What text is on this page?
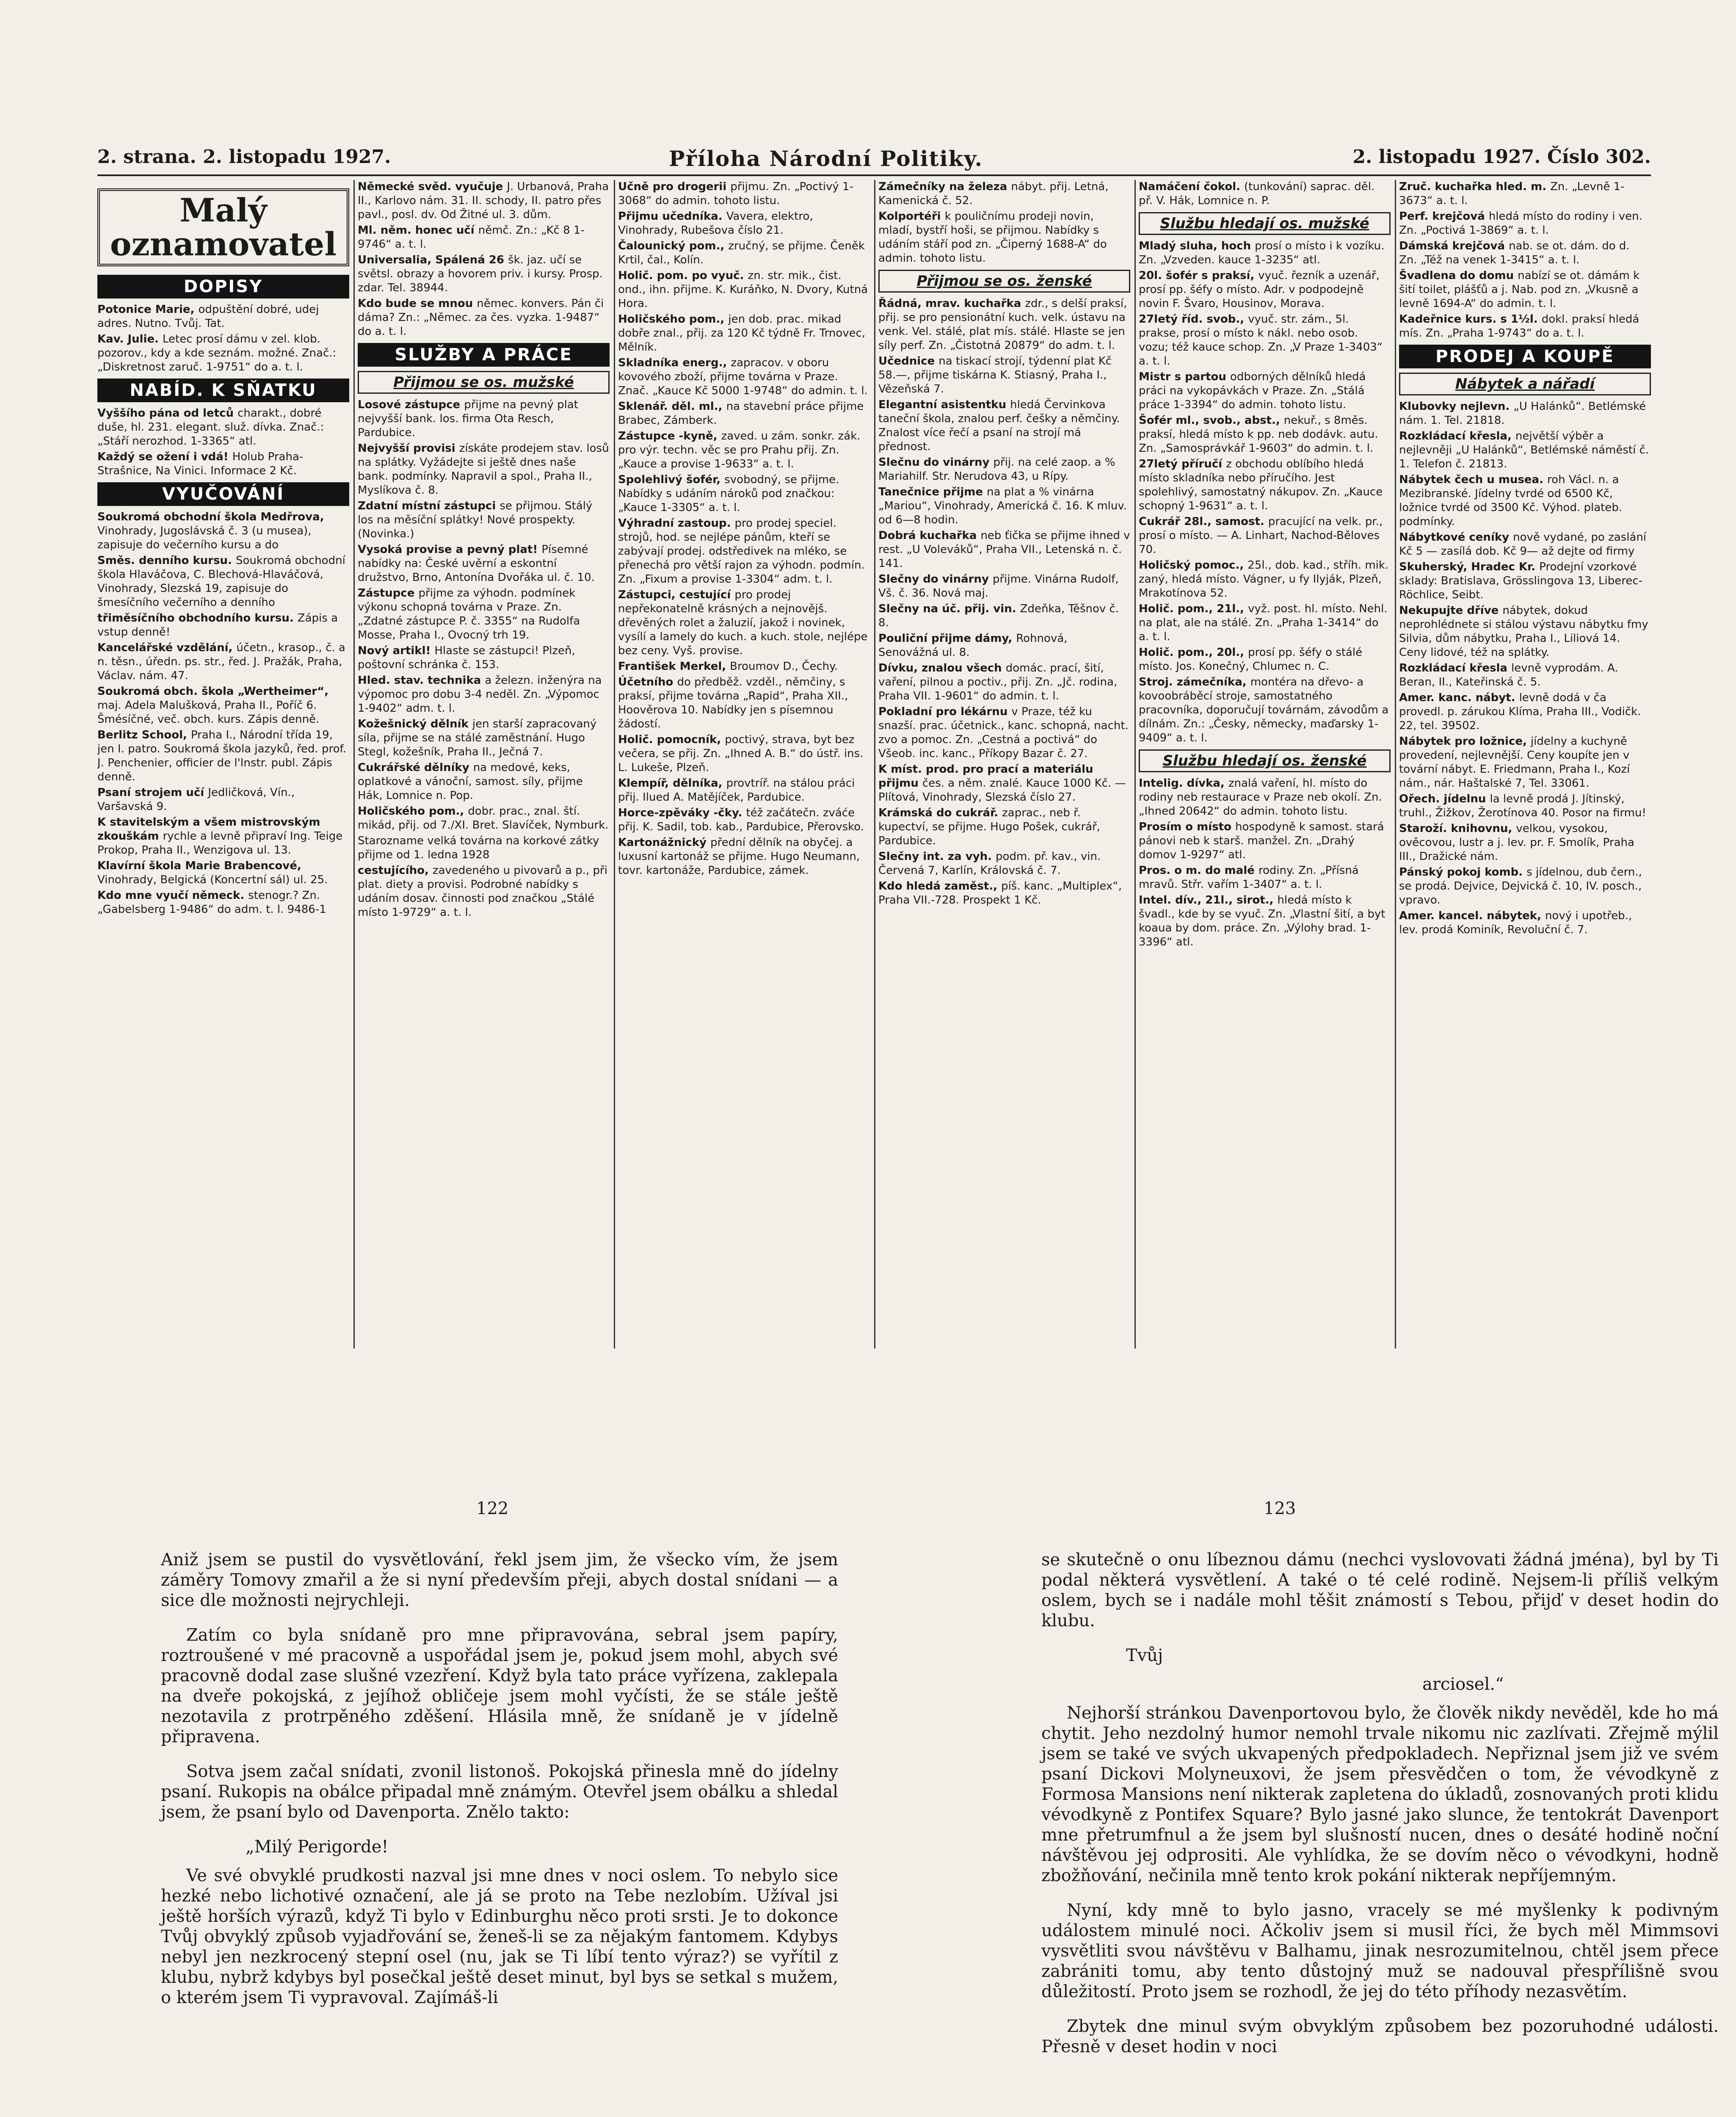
2. strana. 2. listopadu 1927.	Příloha Národní Politiky.	2. listopadu 1927. Číslo 302.
Malý oznamovatel
DOPISY
Potonice Marie, odpuštění dobré, udej adres. Nutno. Tvůj. Tat.
Kav. Julie. Letec prosí dámu v zel. klob. pozorov., kdy a kde seznám. možné. Znač.: „Diskretnost zaruč. 1-9751“ do a. t. l.
NABÍD. K SŇATKU
Vyššího pána od letců charakt., dobré duše, hl. 231. elegant. služ. dívka. Znač.: „Stáří nerozhod. 1-3365“ atl.
Každý se ožení i vdá! Holub Praha-Strašnice, Na Vinici. Informace 2 Kč.
VYUČOVÁNÍ
Soukromá obchodní škola Medřrova, Vinohrady, Jugoslávská č. 3 (u musea), zapisuje do večerního kursu a do
Směs. denního kursu. Soukromá obchodní škola Hlaváčova, C. Blechová-Hlaváčová, Vinohrady, Slezská 19, zapisuje do šmesíčního večerního a denního
třiměsíčního obchodního kursu. Zápis a vstup denně!
Kancelářské vzdělání, účetn., krasop., č. a n. těsn., úředn. ps. str., řed. J. Pražák, Praha, Václav. nám. 47.
Soukromá obch. škola „Wertheimer“, maj. Adela Malušková, Praha II., Poříč 6. Šmésíčné, več. obch. kurs. Zápis denně.
Berlitz School, Praha I., Národní třída 19, jen I. patro. Soukromá škola jazyků, řed. prof. J. Penchenier, officier de l'Instr. publ. Zápis denně.
Psaní strojem učí Jedličková, Vín., Varšavská 9.
K stavitelským a všem mistrovským zkouškám rychle a levně připraví Ing. Teige Prokop, Praha II., Wenzigova ul. 13.
Klavírní škola Marie Brabencové, Vinohrady, Belgická (Koncertní sál) ul. 25.
Kdo mne vyučí německ. stenogr.? Zn. „Gabelsberg 1-9486“ do adm. t. l. 9486-1
Německé svěd. vyučuje J. Urbanová, Praha II., Karlovo nám. 31. II. schody, II. patro přes pavl., posl. dv. Od Žitné ul. 3. dům.
Ml. něm. honec učí němč. Zn.: „Kč 8 1-9746“ a. t. l.
Universalia, Spálená 26 šk. jaz. učí se světsl. obrazy a hovorem priv. i kursy. Prosp. zdar. Tel. 38944.
Kdo bude se mnou němec. konvers. Pán či dáma? Zn.: „Němec. za čes. vyzka. 1-9487“ do a. t. l.
SLUŽBY A PRÁCE
Přijmou se os. mužské
Losové zástupce přijme na pevný plat nejvyšší bank. los. firma Ota Resch, Pardubice.
Nejvyšší provisi získáte prodejem stav. losů na splátky. Vyžádejte si ještě dnes naše bank. podmínky. Napravil a spol., Praha II., Myslíkova č. 8.
Zdatní místní zástupci se přijmou. Stálý los na měsíční splátky! Nové prospekty. (Novinka.)
Vysoká provise a pevný plat! Písemné nabídky na: České uvěrní a eskontní družstvo, Brno, Antonína Dvořáka ul. č. 10.
Zástupce přijme za výhodn. podmínek výkonu schopná továrna v Praze. Zn. „Zdatné zástupce P. č. 3355“ na Rudolfa Mosse, Praha I., Ovocný trh 19.
Nový artikl! Hlaste se zástupci! Plzeň, poštovní schránka č. 153.
Hled. stav. technika a železn. inženýra na výpomoc pro dobu 3-4 neděl. Zn. „Výpomoc 1-9402“ adm. t. l.
Kožešnický dělník jen starší zapracovaný síla, přijme se na stálé zaměstnání. Hugo Stegl, kožešník, Praha II., Ječná 7.
Cukrářské dělníky na medové, keks, oplatkové a vánoční, samost. síly, přijme Hák, Lomnice n. Pop.
Holičského pom., dobr. prac., znal. ští. mikád, přij. od 7./XI. Bret. Slavíček, Nymburk.
Starozname velká továrna na korkové zátky přijme od 1. ledna 1928
cestujícího, zavedeného u pivovarů a p., při plat. diety a provisi. Podrobné nabídky s udáním dosav. činnosti pod značkou „Stálé místo 1-9729“ a. t. l.
Učně pro drogerii přijmu. Zn. „Poctivý 1-3068“ do admin. tohoto listu.
Přijmu učedníka. Vavera, elektro, Vinohrady, Rubešova číslo 21.
Čalounický pom., zručný, se přijme. Čeněk Krtil, čal., Kolín.
Holič. pom. po vyuč. zn. str. mik., čist. ond., ihn. přijme. K. Kuráňko, N. Dvory, Kutná Hora.
Holičského pom., jen dob. prac. mikad dobře znal., přij. za 120 Kč týdně Fr. Trnovec, Mělník.
Skladníka energ., zapracov. v oboru kovového zboží, přijme továrna v Praze. Znač. „Kauce Kč 5000 1-9748“ do admin. t. l.
Sklenář. děl. ml., na stavební práce přijme Brabec, Zámberk.
Zástupce -kyně, zaved. u zám. sonkr. zák. pro výr. techn. věc se pro Prahu přij. Zn. „Kauce a provise 1-9633“ a. t. l.
Spolehlivý šofér, svobodný, se přijme. Nabídky s udáním nároků pod značkou: „Kauce 1-3305“ a. t. l.
Výhradní zastoup. pro prodej speciel. strojů, hod. se nejlépe pánům, kteří se zabývají prodej. odstředivek na mléko, se přenechá pro větší rajon za výhodn. podmín. Zn. „Fixum a provise 1-3304“ adm. t. l.
Zástupci, cestující pro prodej nepřekonatelně krásných a nejnovějš. dřevěných rolet a žaluzií, jakož i novinek, vysílí a lamely do kuch. a kuch. stole, nejlépe bez ceny. Vyš. provise.
František Merkel, Broumov D., Čechy.
Účetního do předběž. vzděl., němčiny, s praksí, přijme továrna „Rapid“, Praha XII., Hoověrova 10. Nabídky jen s písemnou žádostí.
Holič. pomocník, poctivý, strava, byt bez večera, se přij. Zn. „Ihned A. B.“ do ústř. ins. L. Lukeše, Plzeň.
Klempíř, dělníka, provtríř. na stálou práci přij. Ilued A. Matějíček, Pardubice.
Horce-zpěváky -čky. též začátečn. zváće přij. K. Sadil, tob. kab., Pardubice, Přerovsko.
Kartonážnický přední dělník na obyčej. a luxusní kartonáž se přijme. Hugo Neumann, tovr. kartonáže, Pardubice, zámek.
Zámečníky na železa nábyt. přij. Letná, Kamenická č. 52.
Kolportéři k pouličnímu prodeji novin, mladí, bystří hoši, se přijmou. Nabídky s udáním stáří pod zn. „Čiperný 1688-A“ do admin. tohoto listu.
Přijmou se os. ženské
Řádná, mrav. kuchařka zdr., s delší praksí, přij. se pro pensionátní kuch. velk. ústavu na venk. Vel. stálé, plat mís. stálé. Hlaste se jen síly perf. Zn. „Čistotná 20879“ do adm. t. l.
Učednice na tiskací strojí, týdenní plat Kč 58.—, přijme tiskárna K. Stiasný, Praha I., Vězeňská 7.
Elegantní asistentku hledá Červinkova taneční škola, znalou perf. češky a němčiny. Znalost více řečí a psaní na strojí má přednost.
Slečnu do vinárny přij. na celé zaop. a % Mariahilf. Str. Nerudova 43, u Rípy.
Tanečnice přijme na plat a % vinárna „Mariou“, Vinohrady, Americká č. 16. K mluv. od 6—8 hodin.
Dobrá kuchařka neb ťička se přijme ihned v rest. „U Voleváků“, Praha VII., Letenská n. č. 141.
Slečny do vinárny přijme. Vinárna Rudolf, Vš. č. 36. Nová maj.
Slečny na úč. přij. vin. Zdeňka, Těšnov č. 8.
Pouliční přijme dámy, Rohnová, Senovážná ul. 8.
Dívku, znalou všech domác. prací, šití, vaření, pilnou a poctiv., přij. Zn. „Jč. rodina, Praha VII. 1-9601“ do admin. t. l.
Pokladní pro lékárnu v Praze, též ku snazší. prac. účetnick., kanc. schopná, nacht. zvo a pomoc. Zn. „Cestná a poctivá“ do Všeob. inc. kanc., Příkopy Bazar č. 27.
K míst. prod. pro prací a materiálu přijmu čes. a něm. znalé. Kauce 1000 Kč. — Plítová, Vinohrady, Slezská číslo 27.
Krámská do cukrář. zaprac., neb ř. kupectví, se přijme. Hugo Pošek, cukrář, Pardubice.
Slečny int. za vyh. podm. př. kav., vin. Červená 7, Karlín, Královská č. 7.
Kdo hledá zaměst., píš. kanc. „Multiplex“, Praha VII.-728. Prospekt 1 Kč.
Namáčení čokol. (tunkování) saprac. děl. př. V. Hák, Lomnice n. P.
Službu hledají os. mužské
Mladý sluha, hoch prosí o místo i k vozíku. Zn. „Vzveden. kauce 1-3235“ atl.
20l. šofér s praksí, vyuč. řezník a uzenář, prosí pp. šéfy o místo. Adr. v podpodejně novin F. Švaro, Housinov, Morava.
27letý říd. svob., vyuč. str. zám., 5l. prakse, prosí o místo k nákl. nebo osob. vozu; též kauce schop. Zn. „V Praze 1-3403“ a. t. l.
Mistr s partou odborných dělníků hledá práci na vykopávkách v Praze. Zn. „Stálá práce 1-3394“ do admin. tohoto listu.
Šofér ml., svob., abst., nekuř., s 8měs. praksí, hledá místo k pp. neb dodávk. autu. Zn. „Samosprávkář 1-9603“ do admin. t. l.
27letý příručí z obchodu oblíbího hledá místo skladníka nebo příručího. Jest spolehlivý, samostatný nákupov. Zn. „Kauce schopný 1-9631“ a. t. l.
Cukrář 28l., samost. pracující na velk. pr., prosí o místo. — A. Linhart, Nachod-Běloves 70.
Holičský pomoc., 25l., dob. kad., stříh. mik. zaný, hledá místo. Vágner, u fy Ilyják, Plzeň, Mrakotínova 52.
Holič. pom., 21l., vyž. post. hl. místo. Nehl. na plat, ale na stálé. Zn. „Praha 1-3414“ do a. t. l.
Holič. pom., 20l., prosí pp. šéfy o stálé místo. Jos. Konečný, Chlumec n. C.
Stroj. zámečníka, montéra na dřevo- a kovoobráběcí stroje, samostatného pracovníka, doporučují továrnám, závodům a dílnám. Zn.: „Česky, německy, maďarsky 1-9409“ a. t. l.
Službu hledají os. ženské
Intelig. dívka, znalá vaření, hl. místo do rodiny neb restaurace v Praze neb okolí. Zn. „Ihned 20642“ do admin. tohoto listu.
Prosím o místo hospodyně k samost. stará pánovi neb k starš. manžel. Zn. „Drahý domov 1-9297“ atl.
Pros. o m. do malé rodiny. Zn. „Přísná mravů. Střr. vařím 1-3407“ a. t. l.
Intel. dív., 21l., sirot., hledá místo k švadl., kde by se vyuč. Zn. „Vlastní šití, a byt koaua by dom. práce. Zn. „Výlohy brad. 1-3396“ atl.
Zruč. kuchařka hled. m. Zn. „Levně 1-3673“ a. t. l.
Perf. krejčová hledá místo do rodiny i ven. Zn. „Poctivá 1-3869“ a. t. l.
Dámská krejčová nab. se ot. dám. do d. Zn. „Též na venek 1-3415“ a. t. l.
Švadlena do domu nabízí se ot. dámám k šití toilet, plášťů a j. Nab. pod zn. „Vkusně a levně 1694-A“ do admin. t. l.
Kadeřnice kurs. s 1½l. dokl. praksí hledá mís. Zn. „Praha 1-9743“ do a. t. l.
PRODEJ A KOUPĚ
Nábytek a nářadí
Klubovky nejlevn. „U Halánků“. Betlémské nám. 1. Tel. 21818.
Rozkládací křesla, největší výběr a nejlevněji „U Halánků“, Betlémské náměstí č. 1. Telefon č. 21813.
Nábytek čech u musea. roh Václ. n. a Mezibranské. Jídelny tvrdé od 6500 Kč, ložnice tvrdé od 3500 Kč. Výhod. plateb. podmínky.
Nábytkové ceníky nově vydané, po zaslání Kč 5 — zasílá dob. Kč 9— až dejte od firmy
Skuherský, Hradec Kr. Prodejní vzorkové sklady: Bratislava, Grösslingova 13, Liberec-Röchlice, Seibt.
Nekupujte dříve nábytek, dokud neprohlédnete si stálou výstavu nábytku fmy Silvia, dům nábytku, Praha I., Liliová 14. Ceny lidové, též na splátky.
Rozkládací křesla levně vyprodám. A. Beran, II., Kateřinská č. 5.
Amer. kanc. nábyt. levně dodá v ča provedl. p. zárukou Klíma, Praha III., Vodičk. 22, tel. 39502.
Nábytek pro ložnice, jídelny a kuchyně provedení, nejlevnější. Ceny koupíte jen v tovární nábyt. E. Friedmann, Praha I., Kozí nám., nár. Haštalské 7, Tel. 33061.
Ořech. jídelnu la levně prodá J. Jítinský, truhl., Žižkov, Žerotínova 40. Posor na firmu!
Staroží. knihovnu, velkou, vysokou, ověcovou, lustr a j. lev. pr. F. Smolík, Praha III., Dražické nám.
Pánský pokoj komb. s jídelnou, dub čern., se prodá. Dejvice, Dejvická č. 10, IV. posch., vpravo.
Amer. kancel. nábytek, nový i upotřeb., lev. prodá Kominík, Revoluční č. 7.
122	123

Aniž jsem se pustil do vysvětlování, řekl jsem jim, že všecko vím, že jsem záměry Tomovy zmařil a že si nyní především přeji, abych dostal snídani — a sice dle možnosti nejrychleji.

Zatím co byla snídaně pro mne připravována, sebral jsem papíry, roztroušené v mé pracovně a uspořádal jsem je, pokud jsem mohl, abych své pracovně dodal zase slušné vzezření. Když byla tato práce vyřízena, zaklepala na dveře pokojská, z jejíhož obličeje jsem mohl vyčísti, že se stále ještě nezotavila z protrpěného zděšení. Hlásila mně, že snídaně je v jídelně připravena.

Sotva jsem začal snídati, zvonil listonoš. Pokojská přinesla mně do jídelny psaní. Rukopis na obálce připadal mně známým. Otevřel jsem obálku a shledal jsem, že psaní bylo od Davenporta. Znělo takto:

„Milý Perigorde!

Ve své obvyklé prudkosti nazval jsi mne dnes v noci oslem. To nebylo sice hezké nebo lichotivé označení, ale já se proto na Tebe nezlobím. Užíval jsi ještě horších výrazů, když Ti bylo v Edinburghu něco proti srsti. Je to dokonce Tvůj obvyklý způsob vyjadřování se, ženeš-li se za nějakým fantomem. Kdybys nebyl jen nezkrocený stepní osel (nu, jak se Ti líbí tento výraz?) se vyřítil z klubu, nybrž kdybys byl posečkal ještě deset minut, byl bys se setkal s mužem, o kterém jsem Ti vypravoval. Zajímáš-li

se skutečně o onu líbeznou dámu (nechci vyslovovati žádná jména), byl by Ti podal některá vysvětlení. A také o té celé rodině. Nejsem-li příliš velkým oslem, bych se i nadále mohl těšit známostí s Tebou, přijď v deset hodin do klubu.

Tvůj

arciosel.“

Nejhorší stránkou Davenportovou bylo, že člověk nikdy nevěděl, kde ho má chytit. Jeho nezdolný humor nemohl trvale nikomu nic zazlívati. Zřejmě mýlil jsem se také ve svých ukvapených předpokladech. Nepřiznal jsem již ve svém psaní Dickovi Molyneuxovi, že jsem přesvědčen o tom, že vévodkyně z Formosa Mansions není nikterak zapletena do úkladů, zosnovaných proti klidu vévodkyně z Pontifex Square? Bylo jasné jako slunce, že tentokrát Davenport mne přetrumfnul a že jsem byl slušností nucen, dnes o desáté hodině noční návštěvou jej odprositi. Ale vyhlídka, že se dovím něco o vévodkyni, hodně zbožňování, nečinila mně tento krok pokání nikterak nepříjemným.

Nyní, kdy mně to bylo jasno, vracely se mé myšlenky k podivným událostem minulé noci. Ačkoliv jsem si musil říci, že bych měl Mimmsovi vysvětliti svou návštěvu v Balhamu, jinak nesrozumitelnou, chtěl jsem přece zabrániti tomu, aby tento důstojný muž se nadouval přespřílišně svou důležitostí. Proto jsem se rozhodl, že jej do této příhody nezasvětím.

Zbytek dne minul svým obvyklým způsobem bez pozoruhodné události. Přesně v deset hodin v noci
